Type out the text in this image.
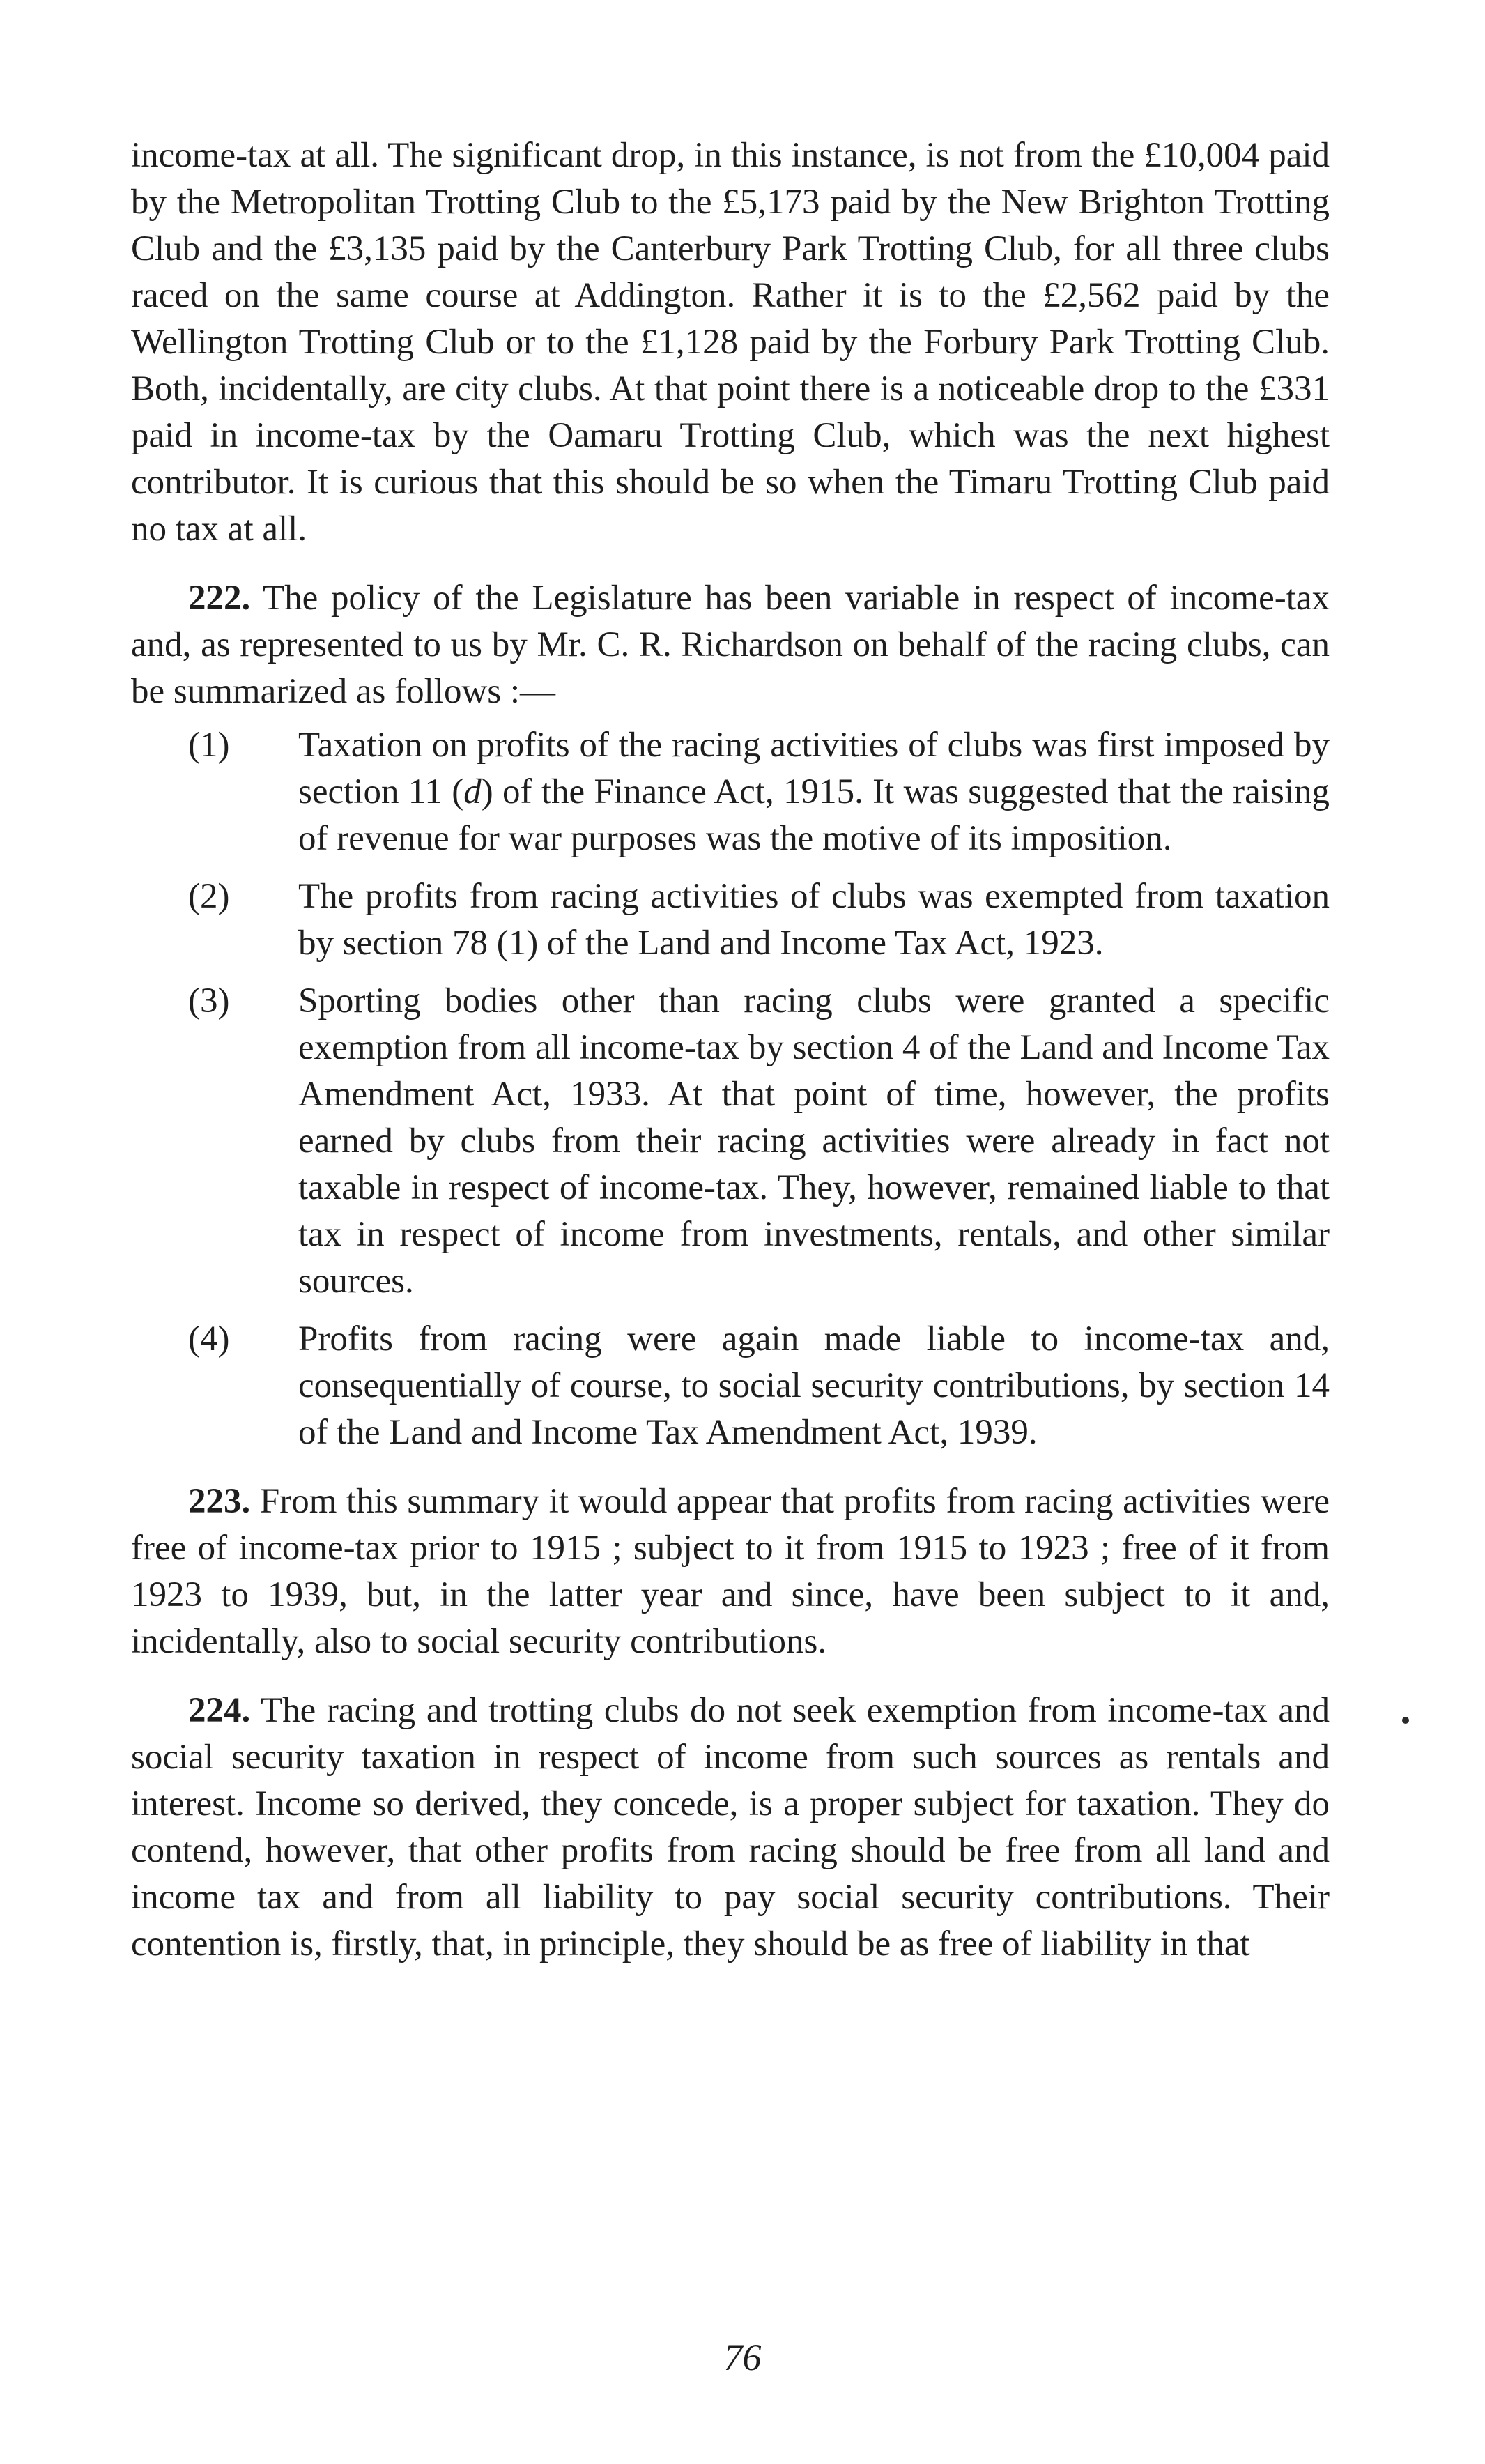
income-tax at all. The significant drop, in this instance, is not from the £10,004 paid by the Metropolitan Trotting Club to the £5,173 paid by the New Brighton Trotting Club and the £3,135 paid by the Canterbury Park Trotting Club, for all three clubs raced on the same course at Addington. Rather it is to the £2,562 paid by the Wellington Trotting Club or to the £1,128 paid by the Forbury Park Trotting Club. Both, incidentally, are city clubs. At that point there is a noticeable drop to the £331 paid in income-tax by the Oamaru Trotting Club, which was the next highest contributor. It is curious that this should be so when the Timaru Trotting Club paid no tax at all.

222. The policy of the Legislature has been variable in respect of income-tax and, as represented to us by Mr. C. R. Richardson on behalf of the racing clubs, can be summarized as follows :—

(1) Taxation on profits of the racing activities of clubs was first imposed by section 11 (d) of the Finance Act, 1915. It was suggested that the raising of revenue for war purposes was the motive of its imposition.
(2) The profits from racing activities of clubs was exempted from taxation by section 78 (1) of the Land and Income Tax Act, 1923.
(3) Sporting bodies other than racing clubs were granted a specific exemption from all income-tax by section 4 of the Land and Income Tax Amendment Act, 1933. At that point of time, however, the profits earned by clubs from their racing activities were already in fact not taxable in respect of income-tax. They, however, remained liable to that tax in respect of income from investments, rentals, and other similar sources.
(4) Profits from racing were again made liable to income-tax and, consequentially of course, to social security contributions, by section 14 of the Land and Income Tax Amendment Act, 1939.

223. From this summary it would appear that profits from racing activities were free of income-tax prior to 1915 ; subject to it from 1915 to 1923 ; free of it from 1923 to 1939, but, in the latter year and since, have been subject to it and, incidentally, also to social security contributions.

224. The racing and trotting clubs do not seek exemption from income-tax and social security taxation in respect of income from such sources as rentals and interest. Income so derived, they concede, is a proper subject for taxation. They do contend, however, that other profits from racing should be free from all land and income tax and from all liability to pay social security contributions. Their contention is, firstly, that, in principle, they should be as free of liability in that

76
